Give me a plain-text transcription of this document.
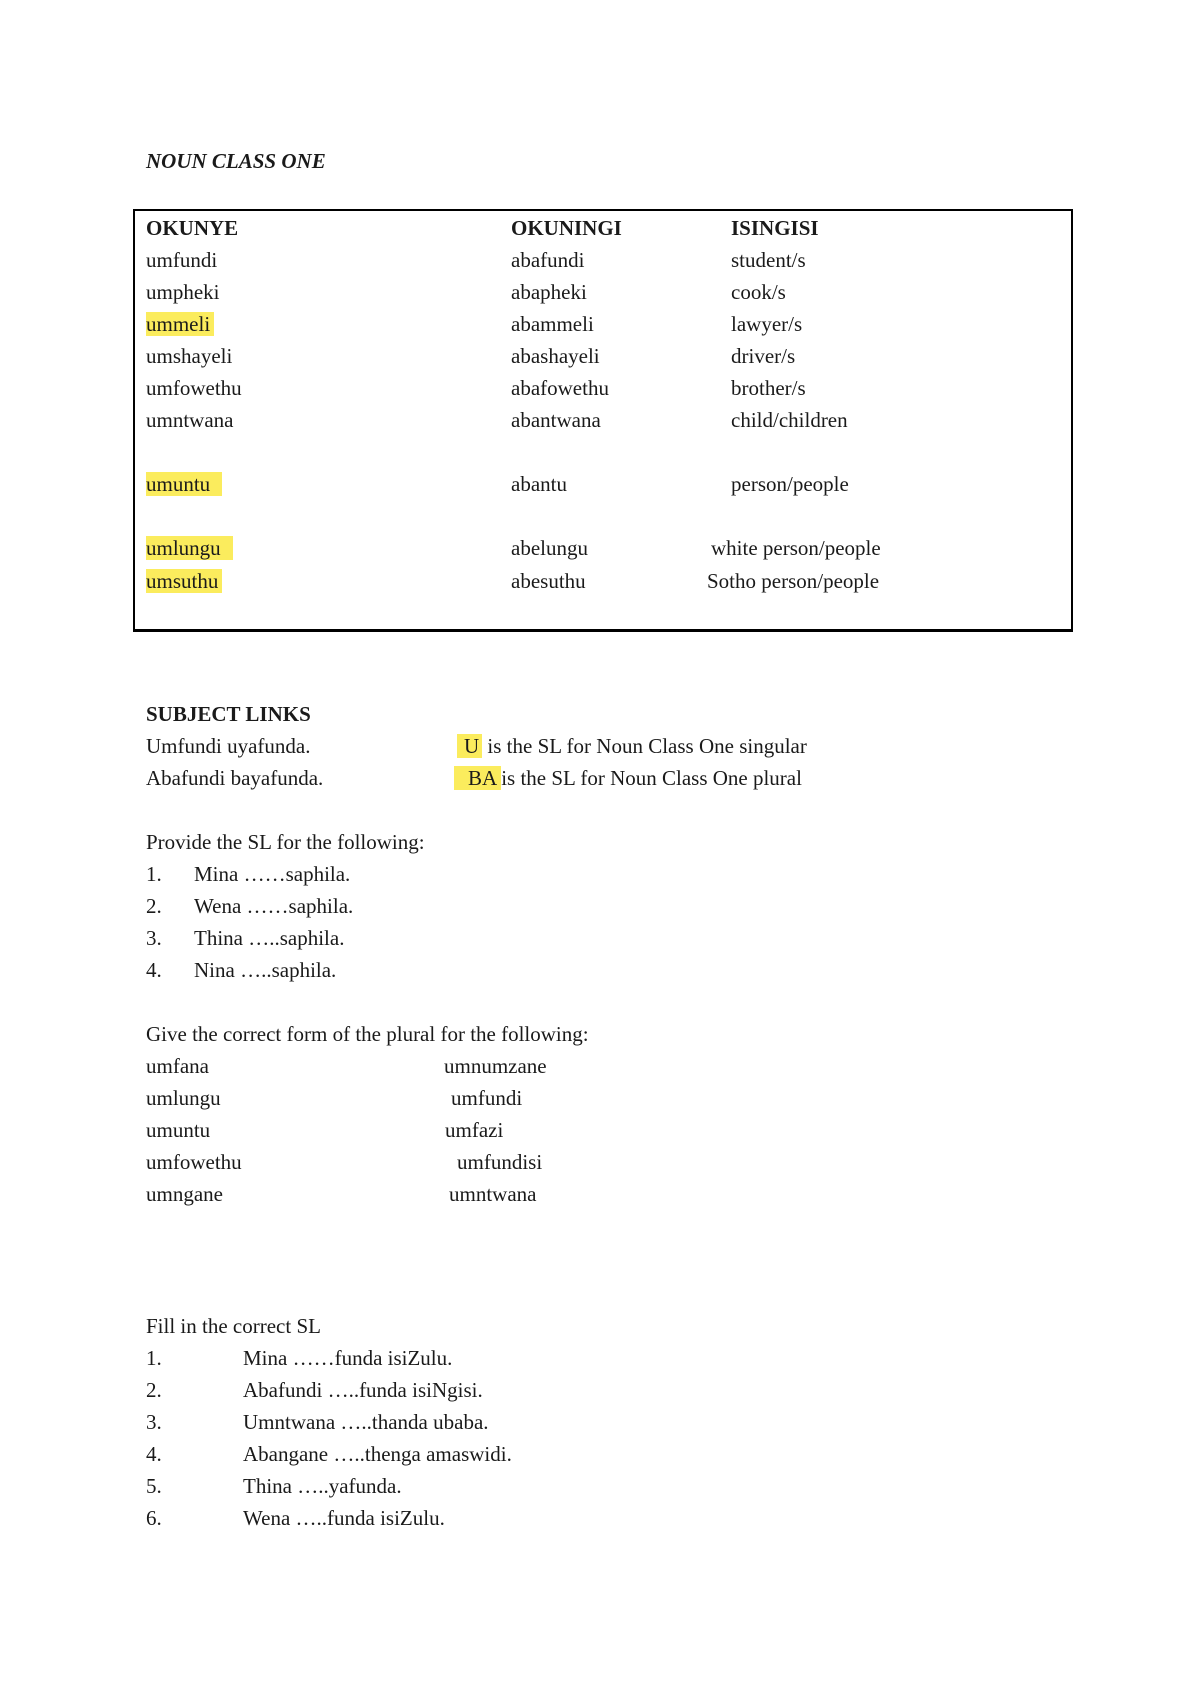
NOUN CLASS ONE
OKUNYE	OKUNINGI	ISINGISI
umfundi	abafundi	student/s
umpheki	abapheki	cook/s
ummeli	abammeli	lawyer/s
umshayeli	abashayeli	driver/s
umfowethu	abafowethu	brother/s
umntwana	abantwana	child/children
umuntu	abantu	person/people
umlungu	abelungu	white person/people
umsuthu	abesuthu	Sotho person/people
SUBJECT LINKS
Umfundi uyafunda.	U is the SL for Noun Class One singular
Abafundi bayafunda.	BA is the SL for Noun Class One plural
Provide the SL for the following:
1. Mina ……saphila.
2. Wena ……saphila.
3. Thina …..saphila.
4. Nina …..saphila.
Give the correct form of the plural for the following:
umfana	umnumzane
umlungu	umfundi
umuntu	umfazi
umfowethu	umfundisi
umngane	umntwana
Fill in the correct SL
1.	Mina ……funda isiZulu.
2.	Abafundi …..funda isiNgisi.
3.	Umntwana …..thanda ubaba.
4.	Abangane …..thenga amaswidi.
5.	Thina …..yafunda.
6.	Wena …..funda isiZulu.
